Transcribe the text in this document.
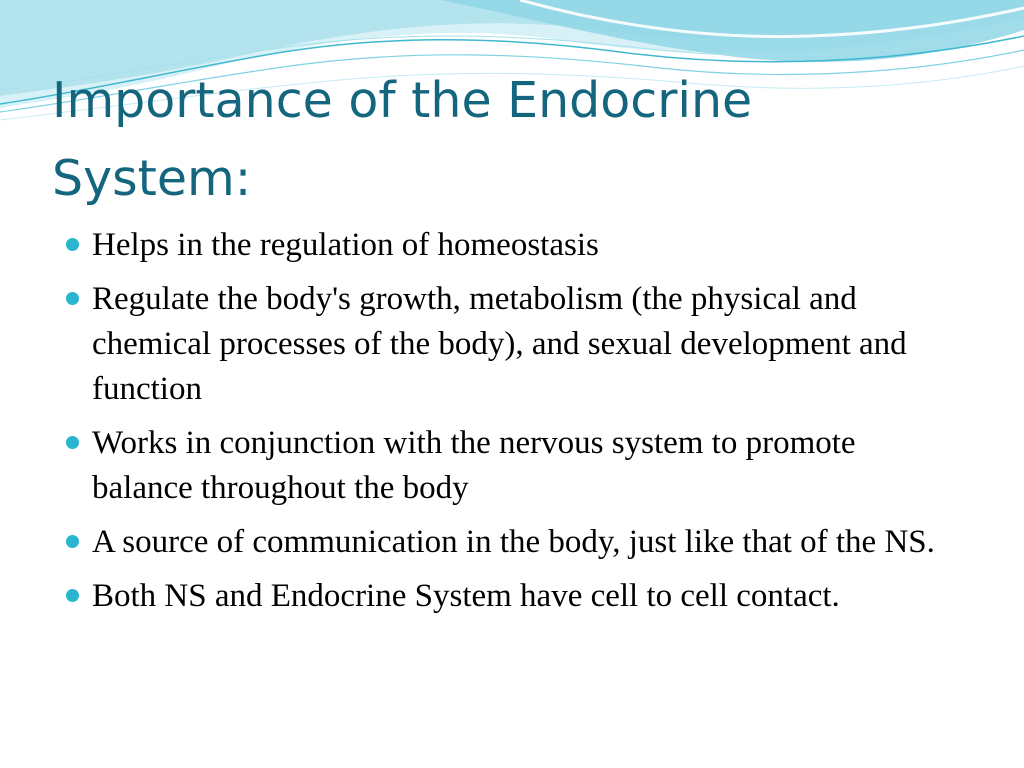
Importance of the Endocrine System:
Helps in the regulation of homeostasis
Regulate the body's growth, metabolism (the physical and chemical processes of the body), and sexual development and function
Works in conjunction with the nervous system to promote balance throughout the body
A source of communication in the body, just like that of the NS.
Both NS and Endocrine System have cell to cell contact.
